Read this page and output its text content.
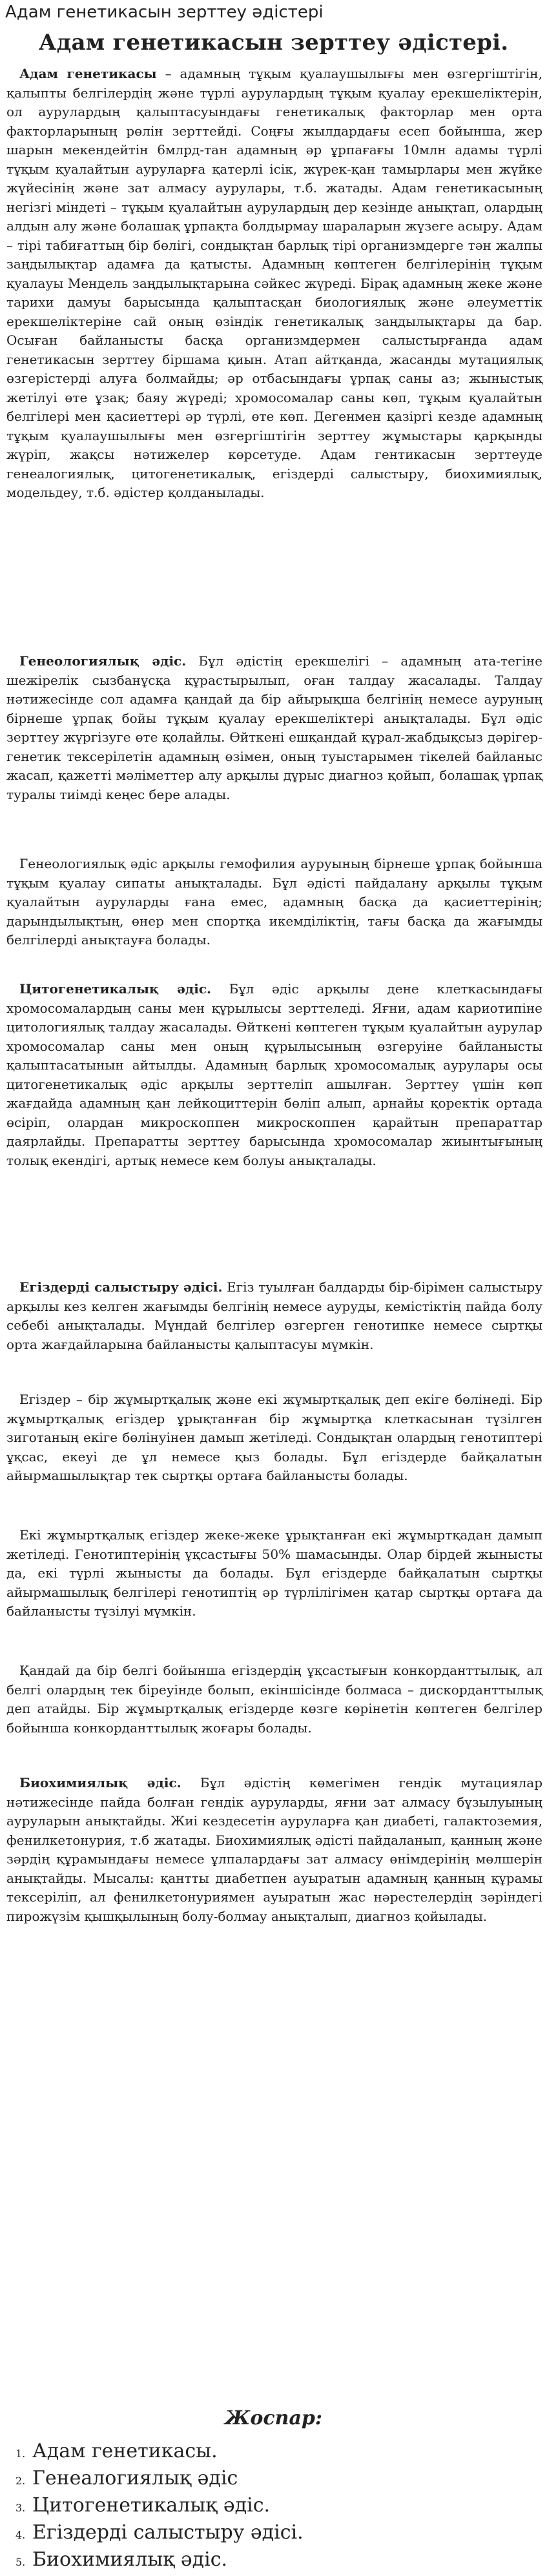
Адам генетикасын зерттеу әдістері
Адам генетикасын зерттеу әдістері.

Адам генетикасы – адамның тұқым қуалаушылығы мен өзгергіштігін, қалыпты белгілердің және түрлі аурулардың тұқым қуалау ерекшеліктерін, ол аурулардың қалыптасуындағы генетикалық факторлар мен орта факторларының рөлін зерттейді. Соңғы жылдардағы есеп бойынша, жер шарын мекендейтін 6млрд-тан адамның әр ұрпағағы 10млн адамы түрлі тұқым қуалайтын ауруларға қатерлі ісік, жүрек-қан тамырлары мен жүйке жүйесінің және зат алмасу аурулары, т.б. жатады. Адам генетикасының негізгі міндеті – тұқым қуалайтын аурулардың дер кезінде анықтап, олардың алдын алу және болашақ ұрпақта болдырмау шараларын жүзеге асыру. Адам – тірі табиғаттың бір бөлігі, сондықтан барлық тірі организмдерге тән жалпы заңдылықтар адамға да қатысты. Адамның көптеген белгілерінің тұқым қуалауы Мендель заңдылықтарына сәйкес жүреді. Бірақ адамның жеке және тарихи дамуы барысында қалыптасқан биологиялық және әлеуметтік ерекшеліктеріне сай оның өзіндік генетикалық заңдылықтары да бар. Осыған байланысты басқа организмдермен салыстырғанда адам генетикасын зерттеу біршама қиын. Атап айтқанда, жасанды мутациялық өзгерістерді алуға болмайды; әр отбасындағы ұрпақ саны аз; жыныстық жетілуі өте ұзақ; баяу жүреді; хромосомалар саны көп, тұқым қуалайтын белгілері мен қасиеттері әр түрлі, өте көп. Дегенмен қазіргі кезде адамның тұқым қуалаушылығы мен өзгергіштігін зерттеу жұмыстары қарқынды жүріп, жақсы нәтижелер көрсетуде. Адам гентикасын зерттеуде генеалогиялық, цитогенетикалық, егіздерді салыстыру, биохимиялық, модельдеу, т.б. әдістер қолданылады.

Генеологиялық әдіс. Бұл әдістің ерекшелігі – адамның ата-тегіне шежірелік сызбанұсқа құрастырылып, оған талдау жасалады. Талдау нәтижесінде сол адамға қандай да бір айырықша белгінің немесе ауруның бірнеше ұрпақ бойы тұқым қуалау ерекшеліктері анықталады. Бұл әдіс зерттеу жүргізуге өте қолайлы. Өйткені ешқандай құрал-жабдықсыз дәрігер-генетик тексерілетін адамның өзімен, оның туыстарымен тікелей байланыс жасап, қажетті мәліметтер алу арқылы дұрыс диагноз қойып, болашақ ұрпақ туралы тиімді кеңес бере алады.

Генеологиялық әдіс арқылы гемофилия ауруының бірнеше ұрпақ бойынша тұқым қуалау сипаты анықталады. Бұл әдісті пайдалану арқылы тұқым қуалайтын ауруларды ғана емес, адамның басқа да қасиеттерінің; дарындылықтың, өнер мен спортқа икемділіктің, тағы басқа да жағымды белгілерді анықтауға болады.

Цитогенетикалық әдіс. Бұл әдіс арқылы дене клеткасындағы хромосомалардың саны мен құрылысы зерттеледі. Яғни, адам кариотипіне цитологиялық талдау жасалады. Өйткені көптеген тұқым қуалайтын аурулар хромосомалар саны мен оның құрылысының өзгеруіне байланысты қалыптасатынын айтылды. Адамның барлық хромосомалық аурулары осы цитогенетикалық әдіс арқылы зерттеліп ашылған. Зерттеу үшін көп жағдайда адамның қан лейкоциттерін бөліп алып, арнайы қоректік ортада өсіріп, олардан микроскоппен микроскоппен қарайтын препараттар даярлайды. Препаратты зерттеу барысында хромосомалар жиынтығының толық екендігі, артық немесе кем болуы анықталады.

Егіздерді салыстыру әдісі. Егіз туылған балдарды бір-бірімен салыстыру арқылы кез келген жағымды белгінің немесе ауруды, кемістіктің пайда болу себебі анықталады. Мұндай белгілер өзгерген генотипке немесе сыртқы орта жағдайларына байланысты қалыптасуы мүмкін.

Егіздер – бір жұмыртқалық және екі жұмыртқалық деп екіге бөлінеді. Бір жұмыртқалық егіздер ұрықтанған бір жұмыртқа клеткасынан түзілген зиготаның екіге бөлінуінен дамып жетіледі. Сондықтан олардың генотиптері ұқсас, екеуі де ұл немесе қыз болады. Бұл егіздерде байқалатын айырмашылықтар тек сыртқы ортаға байланысты болады.

Екі жұмыртқалық егіздер жеке-жеке ұрықтанған екі жұмыртқадан дамып жетіледі. Генотиптерінің ұқсастығы 50% шамасынды. Олар бірдей жынысты да, екі түрлі жынысты да болады. Бұл егіздерде байқалатын сыртқы айырмашылық белгілері генотиптің әр түрлілігімен қатар сыртқы ортаға да байланысты түзілуі мүмкін.

Қандай да бір белгі бойынша егіздердің ұқсастығын конкорданттылық, ал белгі олардың тек біреуінде болып, екіншісінде болмаса – дискорданттылық деп атайды. Бір жұмыртқалық егіздерде көзге көрінетін көптеген белгілер бойынша конкорданттылық жоғары болады.

Биохимиялық әдіс. Бұл әдістің көмегімен гендік мутациялар нәтижесінде пайда болған гендік ауруларды, яғни зат алмасу бұзылуының ауруларын анықтайды. Жиі кездесетін ауруларға қан диабеті, галактоземия, фенилкетонурия, т.б жатады. Биохимиялық әдісті пайдаланып, қанның және зәрдің құрамындағы немесе ұлпалардағы зат алмасу өнімдерінің мөлшерін анықтайды. Мысалы: қантты диабетпен ауыратын адамның қанның құрамы тексеріліп, ал фенилкетонуриямен ауыратын жас нәрестелердің зәріндегі пирожүзім қышқылының болу-болмау анықталып, диагноз қойылады.

Жоспар:
1. Адам генетикасы.
2. Генеалогиялық әдіс
3. Цитогенетикалық әдіс.
4. Егіздерді салыстыру әдісі.
5. Биохимиялық әдіс.
